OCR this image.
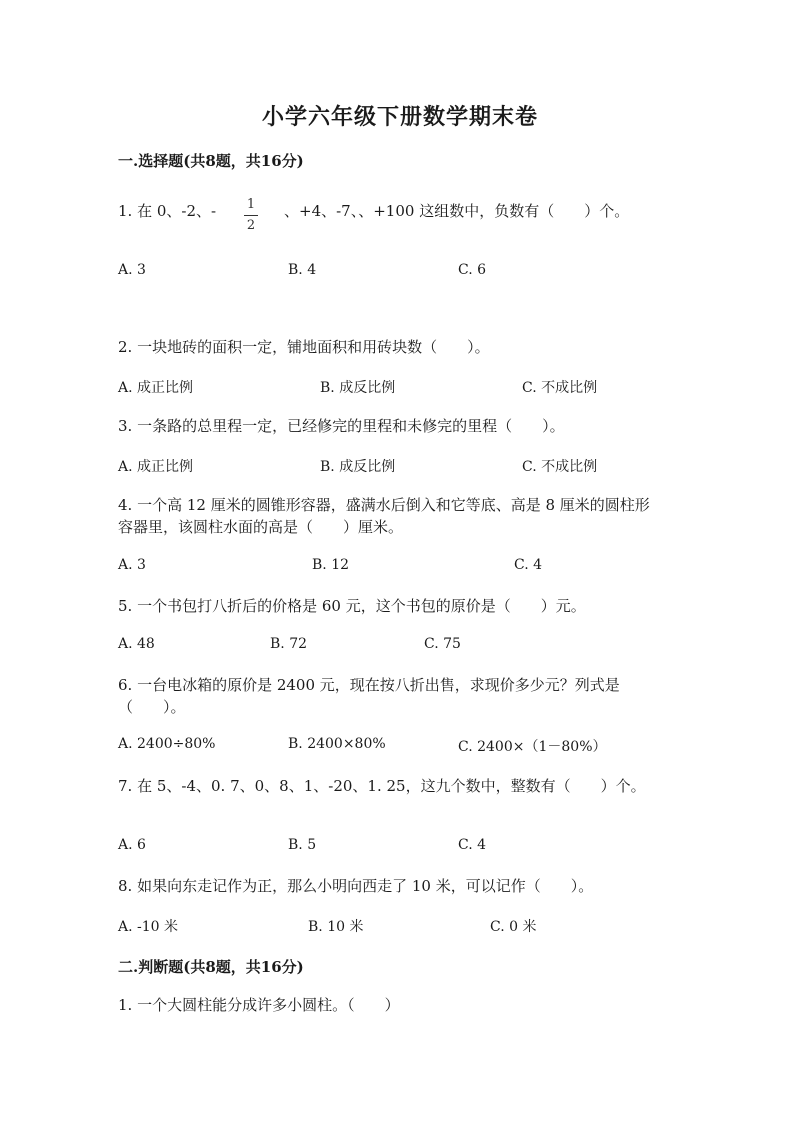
小学六年级下册数学期末卷
一.选择题(共8题，共16分)
1. 在 0、-2、- 1
2
、+4、-7、、+100 这组数中，负数有（　　）个。
A. 3	B. 4	C. 6
2. 一块地砖的面积一定，铺地面积和用砖块数（　　）。
A. 成正比例	B. 成反比例	C. 不成比例
3. 一条路的总里程一定，已经修完的里程和未修完的里程（　　）。
A. 成正比例	B. 成反比例	C. 不成比例
4. 一个高 12 厘米的圆锥形容器，盛满水后倒入和它等底、高是 8 厘米的圆柱形
容器里，该圆柱水面的高是（　　）厘米。
A. 3	B. 12	C. 4
5. 一个书包打八折后的价格是 60 元，这个书包的原价是（　　）元。
A. 48	B. 72	C. 75
6. 一台电冰箱的原价是 2400 元，现在按八折出售，求现价多少元？列式是
（　　）。
A. 2400÷80%	B. 2400×80%	C. 2400×（1－80%）
7. 在 5、-4、0. 7、0、8、1、-20、1. 25，这九个数中，整数有（　　）个。
A. 6	B. 5	C. 4
8. 如果向东走记作为正，那么小明向西走了 10 米，可以记作（　　）。
A. -10 米	B. 10 米	C. 0 米
二.判断题(共8题，共16分)
1. 一个大圆柱能分成许多小圆柱。（　　）
